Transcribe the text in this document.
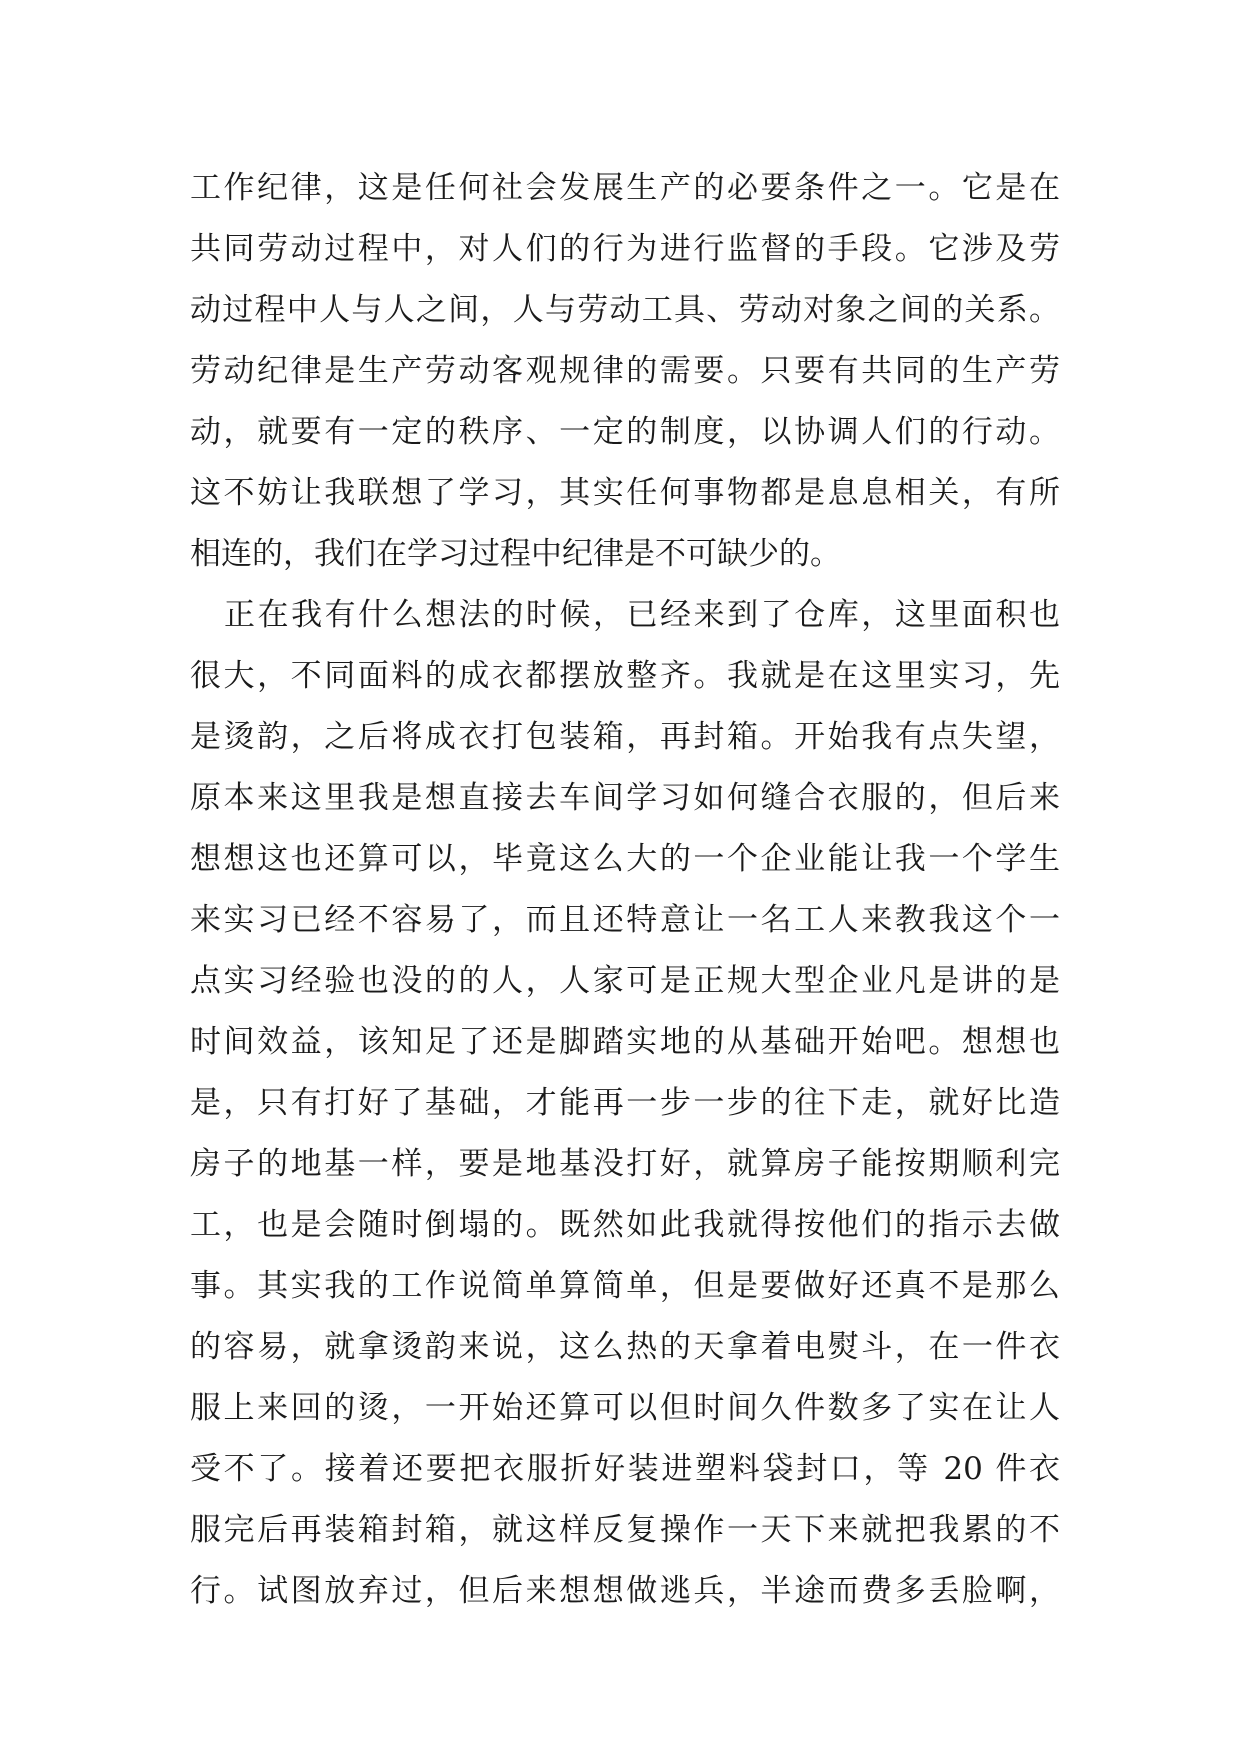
工作纪律，这是任何社会发展生产的必要条件之一。它是在
共同劳动过程中，对人们的行为进行监督的手段。它涉及劳
动过程中人与人之间，人与劳动工具、劳动对象之间的关系。
劳动纪律是生产劳动客观规律的需要。只要有共同的生产劳
动，就要有一定的秩序、一定的制度，以协调人们的行动。
这不妨让我联想了学习，其实任何事物都是息息相关，有所
相连的，我们在学习过程中纪律是不可缺少的。
正在我有什么想法的时候，已经来到了仓库，这里面积也
很大，不同面料的成衣都摆放整齐。我就是在这里实习，先
是烫韵，之后将成衣打包装箱，再封箱。开始我有点失望，
原本来这里我是想直接去车间学习如何缝合衣服的，但后来
想想这也还算可以，毕竟这么大的一个企业能让我一个学生
来实习已经不容易了，而且还特意让一名工人来教我这个一
点实习经验也没的的人，人家可是正规大型企业凡是讲的是
时间效益，该知足了还是脚踏实地的从基础开始吧。想想也
是，只有打好了基础，才能再一步一步的往下走，就好比造
房子的地基一样，要是地基没打好，就算房子能按期顺利完
工，也是会随时倒塌的。既然如此我就得按他们的指示去做
事。其实我的工作说简单算简单，但是要做好还真不是那么
的容易，就拿烫韵来说，这么热的天拿着电熨斗，在一件衣
服上来回的烫，一开始还算可以但时间久件数多了实在让人
受不了。接着还要把衣服折好装进塑料袋封口，等 20 件衣
服完后再装箱封箱，就这样反复操作一天下来就把我累的不
行。试图放弃过，但后来想想做逃兵，半途而费多丢脸啊，
